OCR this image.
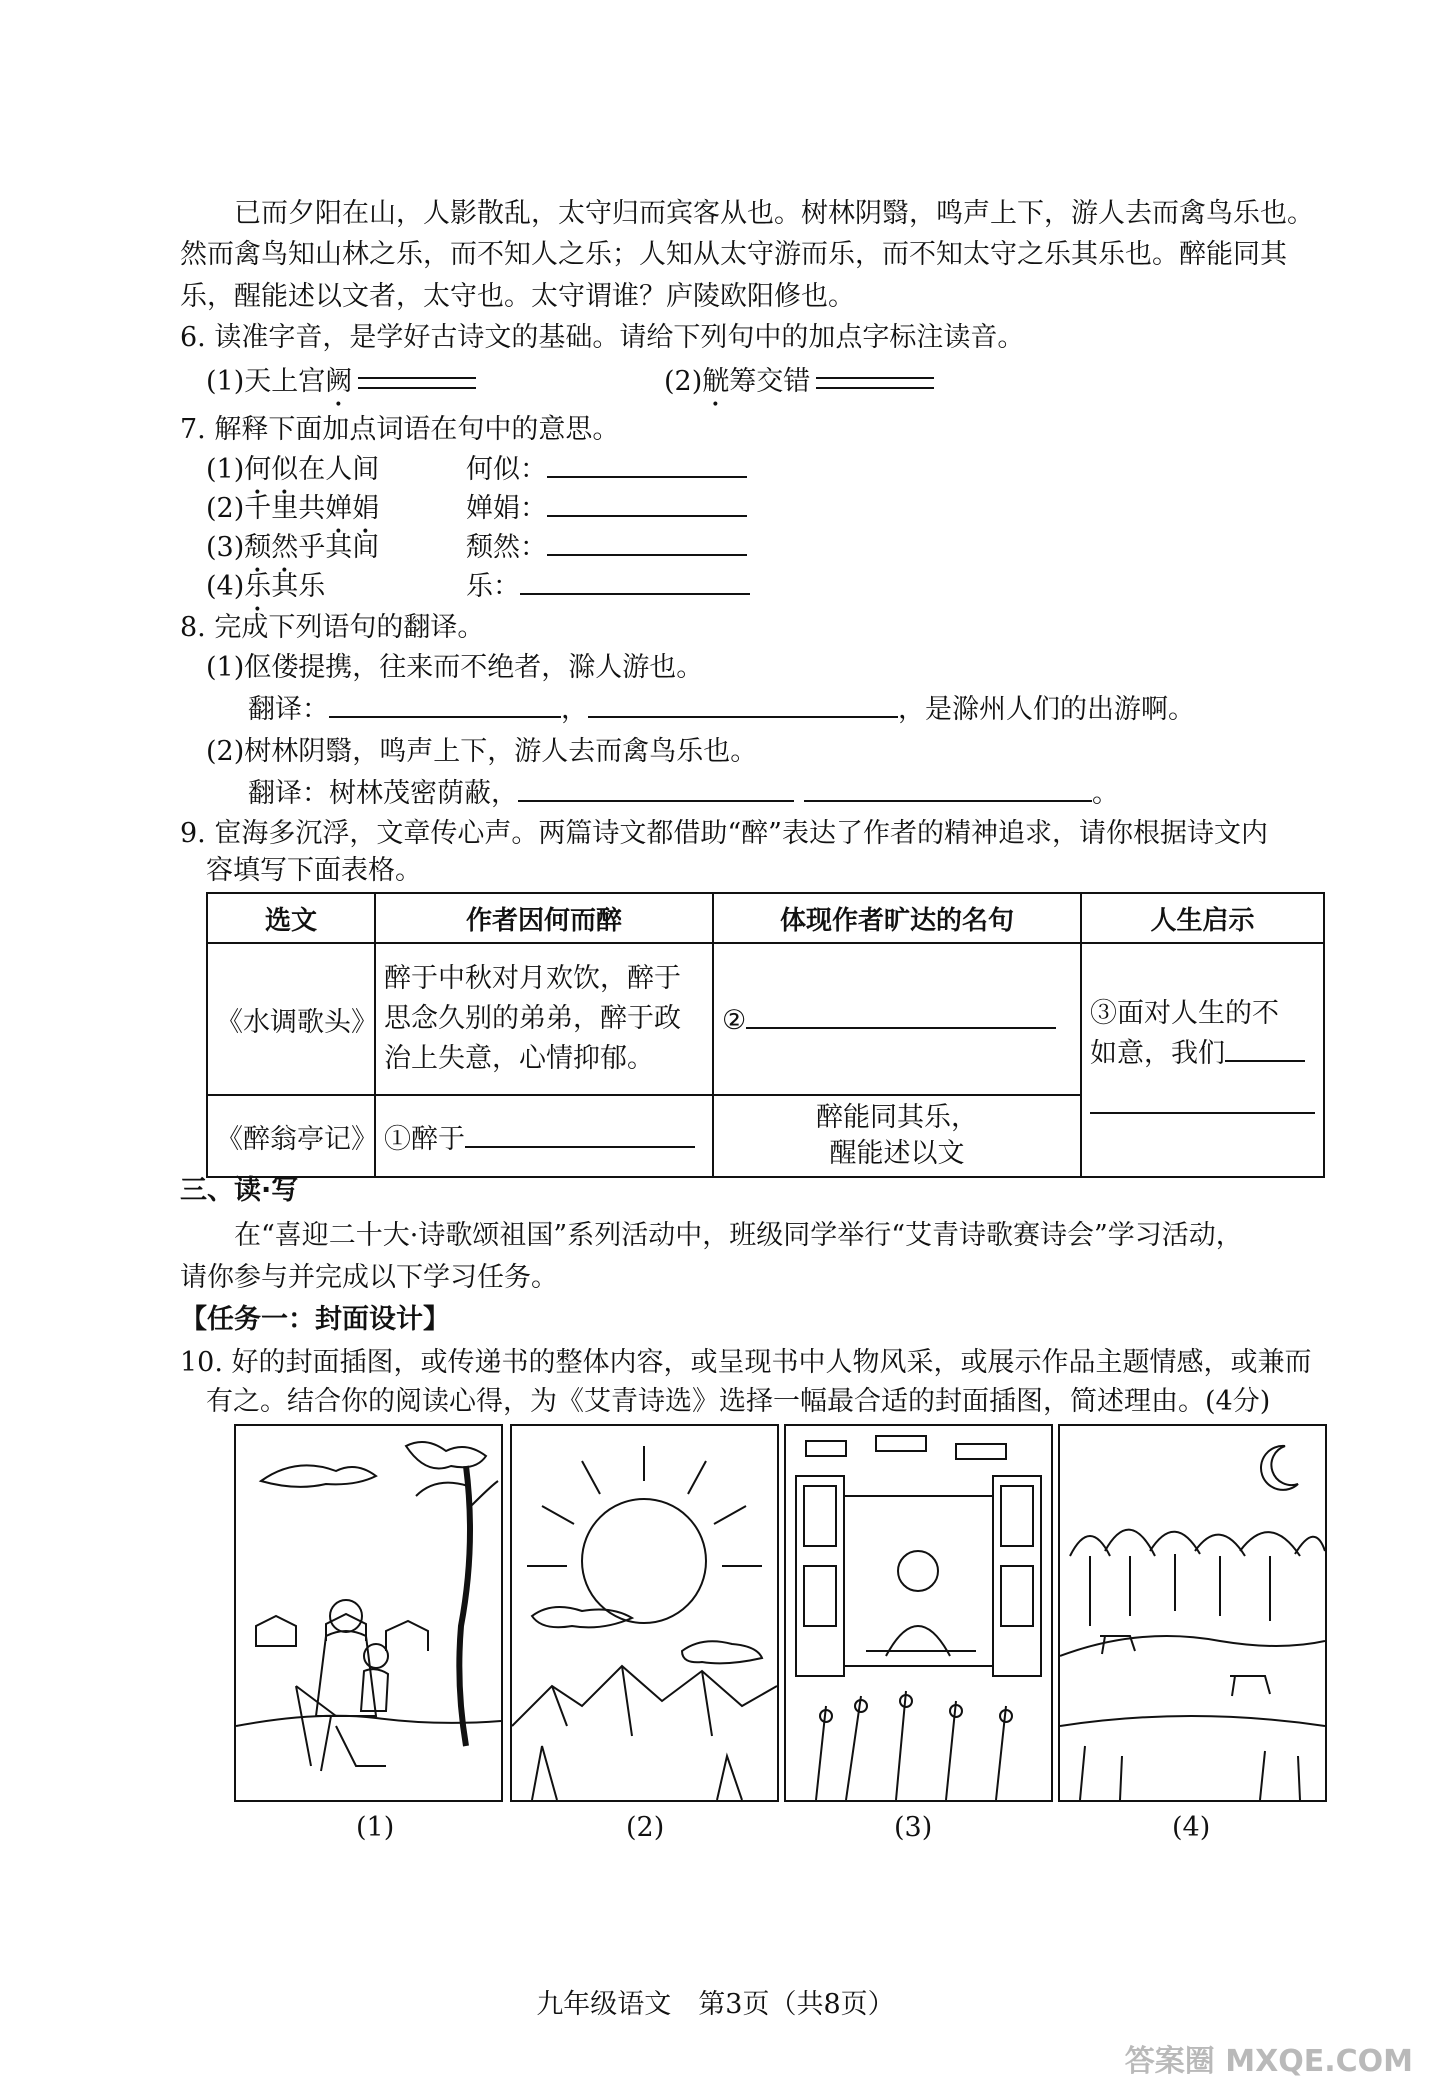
已而夕阳在山，人影散乱，太守归而宾客从也。树林阴翳，鸣声上下，游人去而禽鸟乐也。
然而禽鸟知山林之乐，而不知人之乐；人知从太守游而乐，而不知太守之乐其乐也。醉能同其
乐，醒能述以文者，太守也。太守谓谁？庐陵欧阳修也。
6. 读准字音，是学好古诗文的基础。请给下列句中的加点字标注读音。
(1)天上宫阙	(2)觥筹交错
7. 解释下面加点词语在句中的意思。
(1)何似在人间	何似：
(2)千里共婵娟	婵娟：
(3)颓然乎其间	颓然：
(4)乐其乐	乐：
8. 完成下列语句的翻译。
(1)伛偻提携，往来而不绝者，滁人游也。
翻译：	，	，是滁州人们的出游啊。
(2)树林阴翳，鸣声上下，游人去而禽鸟乐也。
翻译：树林茂密荫蔽，	。
9. 宦海多沉浮，文章传心声。两篇诗文都借助“醉”表达了作者的精神追求，请你根据诗文内
容填写下面表格。
选文	作者因何而醉	体现作者旷达的名句	人生启示
《水调歌头》	醉于中秋对月欢饮，醉于思念久别的弟弟，醉于政治上失意，心情抑郁。	②	③面对人生的不
如意，我们

《醉翁亭记》	①醉于	醉能同其乐，
醒能述以文	
三、读·写
在“喜迎二十大·诗歌颂祖国”系列活动中，班级同学举行“艾青诗歌赛诗会”学习活动，
请你参与并完成以下学习任务。
【任务一：封面设计】
10. 好的封面插图，或传递书的整体内容，或呈现书中人物风采，或展示作品主题情感，或兼而
有之。结合你的阅读心得，为《艾青诗选》选择一幅最合适的封面插图，简述理由。(4分)
(1)	(2)	(3)	(4)
九年级语文　第3页（共8页）
答案圈 MXQE.COM
